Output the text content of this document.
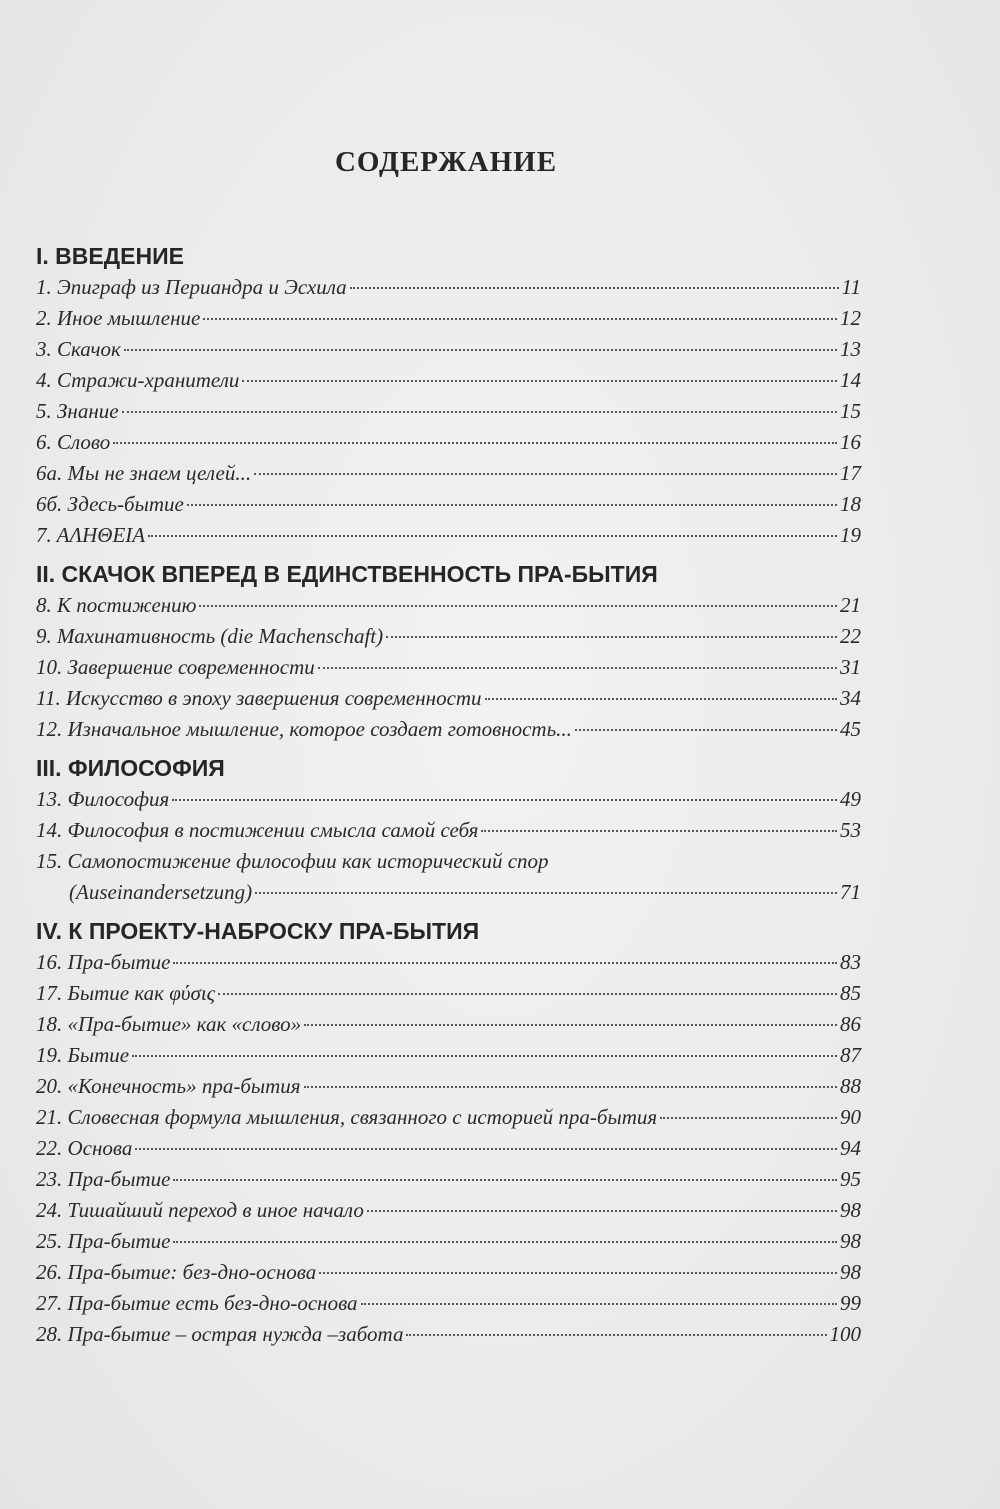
СОДЕРЖАНИЕ
I. ВВЕДЕНИЕ
1. Эпиграф из Периандра и Эсхила	11
2. Иное мышление	12
3. Скачок	13
4. Стражи-хранители	14
5. Знание	15
6. Слово	16
6а. Мы не знаем целей...	17
6б. Здесь-бытие	18
7. ΑΛΗΘΕΙΑ	19
II. СКАЧОК ВПЕРЕД В ЕДИНСТВЕННОСТЬ ПРА-БЫТИЯ
8. К постижению	21
9. Махинативность (die Machenschaft)	22
10. Завершение современности	31
11. Искусство в эпоху завершения современности	34
12. Изначальное мышление, которое создает готовность...	45
III. ФИЛОСОФИЯ
13. Философия	49
14. Философия в постижении смысла самой себя	53
15. Самопостижение философии как исторический спор
(Auseinandersetzung)	71
IV. К ПРОЕКТУ-НАБРОСКУ ПРА-БЫТИЯ
16. Пра-бытие	83
17. Бытие как φύσις	85
18. «Пра-бытие» как «слово»	86
19. Бытие	87
20. «Конечность» пра-бытия	88
21. Словесная формула мышления, связанного с историей пра-бытия	90
22. Основа	94
23. Пра-бытие	95
24. Тишайший переход в иное начало	98
25. Пра-бытие	98
26. Пра-бытие: без-дно-основа	98
27. Пра-бытие есть без-дно-основа	99
28. Пра-бытие – острая нужда –забота	100
